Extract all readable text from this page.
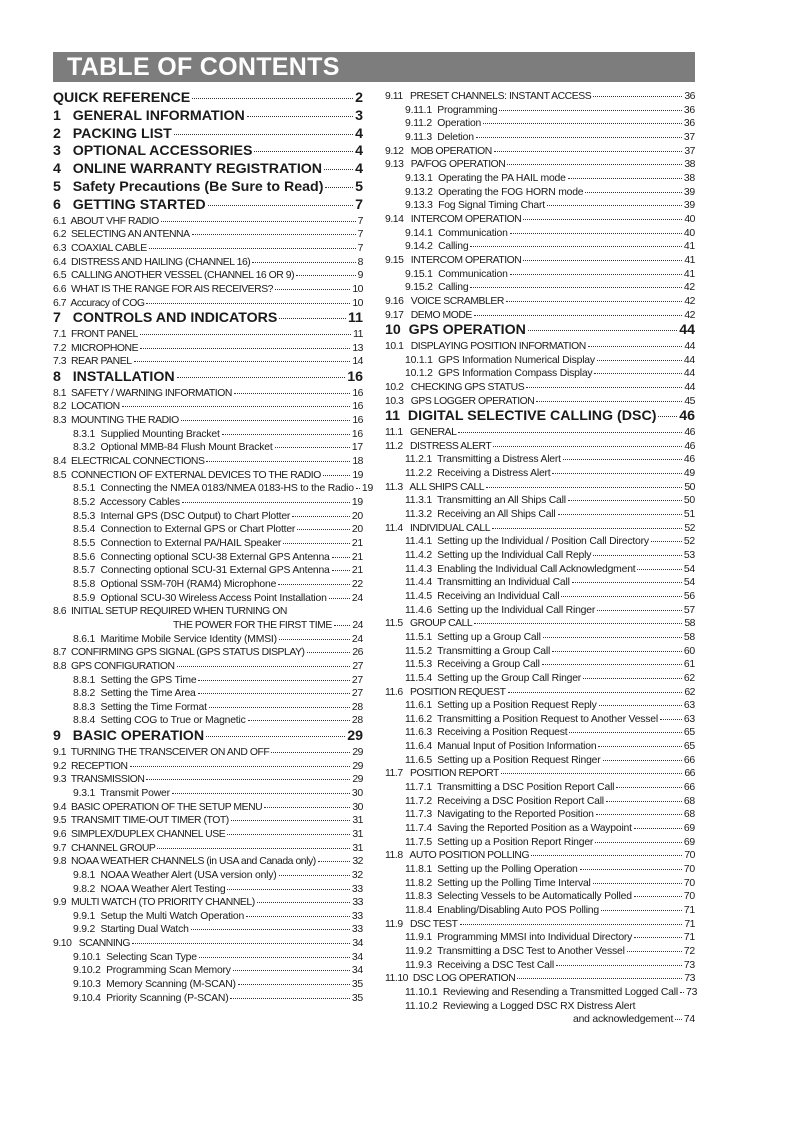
TABLE OF CONTENTS
QUICK REFERENCE	2
1   GENERAL INFORMATION	3
2   PACKING LIST	4
3   OPTIONAL ACCESSORIES	4
4   ONLINE WARRANTY REGISTRATION 4
5   Safety Precautions (Be Sure to Read) 5
6   GETTING STARTED	7
6.1  ABOUT VHF RADIO	7
6.2  SELECTING AN ANTENNA	7
6.3  COAXIAL CABLE	7
6.4  DISTRESS AND HAILING (CHANNEL 16)	8
6.5  CALLING ANOTHER VESSEL (CHANNEL 16 OR 9)	9
6.6  WHAT IS THE RANGE FOR AIS RECEIVERS?	10
6.7  Accuracy of COG	10
7   CONTROLS AND INDICATORS	11
7.1  FRONT PANEL	11
7.2  MICROPHONE	13
7.3  REAR PANEL	14
8   INSTALLATION	16
8.1  SAFETY / WARNING INFORMATION	16
8.2  LOCATION	16
8.3  MOUNTING THE RADIO	16
8.3.1  Supplied Mounting Bracket	16
8.3.2  Optional MMB-84 Flush Mount Bracket	17
8.4  ELECTRICAL CONNECTIONS	18
8.5  CONNECTION OF EXTERNAL DEVICES TO THE RADIO	19
8.5.1  Connecting the NMEA 0183/NMEA 0183-HS to the Radio 19
8.5.2  Accessory Cables	19
8.5.3  Internal GPS (DSC Output) to Chart Plotter	20
8.5.4  Connection to External GPS or Chart Plotter	20
8.5.5  Connection to External PA/HAIL Speaker	21
8.5.6  Connecting optional SCU-38 External GPS Antenna 21
8.5.7  Connecting optional SCU-31 External GPS Antenna 21
8.5.8  Optional SSM-70H (RAM4) Microphone	22
8.5.9  Optional SCU-30 Wireless Access Point Installation 24
8.6  INITIAL SETUP REQUIRED WHEN TURNING ON
THE POWER FOR THE FIRST TIME 24
8.6.1  Maritime Mobile Service Identity (MMSI)	24
8.7  CONFIRMING GPS SIGNAL (GPS STATUS DISPLAY)	26
8.8  GPS CONFIGURATION	27
8.8.1  Setting the GPS Time	27
8.8.2  Setting the Time Area	27
8.8.3  Setting the Time Format	28
8.8.4  Setting COG to True or Magnetic	28
9   BASIC OPERATION	29
9.1  TURNING THE TRANSCEIVER ON AND OFF	29
9.2  RECEPTION	29
9.3  TRANSMISSION	29
9.3.1  Transmit Power	30
9.4  BASIC OPERATION OF THE SETUP MENU	30
9.5  TRANSMIT TIME-OUT TIMER (TOT)	31
9.6  SIMPLEX/DUPLEX CHANNEL USE	31
9.7  CHANNEL GROUP	31
9.8  NOAA WEATHER CHANNELS (in USA and Canada only)	32
9.8.1  NOAA Weather Alert (USA version only)	32
9.8.2  NOAA Weather Alert Testing	33
9.9  MULTI WATCH (TO PRIORITY CHANNEL)	33
9.9.1  Setup the Multi Watch Operation	33
9.9.2  Starting Dual Watch	33
9.10   SCANNING	34
9.10.1  Selecting Scan Type	34
9.10.2  Programming Scan Memory	34
9.10.3  Memory Scanning (M-SCAN)	35
9.10.4  Priority Scanning (P-SCAN)	35
9.11   PRESET CHANNELS: INSTANT ACCESS	36
9.11.1  Programming	36
9.11.2  Operation	36
9.11.3  Deletion	37
9.12   MOB OPERATION	37
9.13   PA/FOG OPERATION	38
9.13.1  Operating the PA HAIL mode	38
9.13.2  Operating the FOG HORN mode	39
9.13.3  Fog Signal Timing Chart	39
9.14   INTERCOM OPERATION	40
9.14.1  Communication	40
9.14.2  Calling	41
9.15   INTERCOM OPERATION	41
9.15.1  Communication	41
9.15.2  Calling	42
9.16   VOICE SCRAMBLER	42
9.17   DEMO MODE	42
10  GPS OPERATION	44
10.1   DISPLAYING POSITION INFORMATION	44
10.1.1  GPS Information Numerical Display	44
10.1.2  GPS Information Compass Display	44
10.2   CHECKING GPS STATUS	44
10.3   GPS LOGGER OPERATION	45
11  DIGITAL SELECTIVE CALLING (DSC) 46
11.1   GENERAL	46
11.2   DISTRESS ALERT	46
11.2.1  Transmitting a Distress Alert	46
11.2.2  Receiving a Distress Alert	49
11.3   ALL SHIPS CALL	50
11.3.1  Transmitting an All Ships Call	50
11.3.2  Receiving an All Ships Call	51
11.4   INDIVIDUAL CALL	52
11.4.1  Setting up the Individual / Position Call Directory	52
11.4.2  Setting up the Individual Call Reply	53
11.4.3  Enabling the Individual Call Acknowledgment	54
11.4.4  Transmitting an Individual Call	54
11.4.5  Receiving an Individual Call	56
11.4.6  Setting up the Individual Call Ringer	57
11.5   GROUP CALL	58
11.5.1  Setting up a Group Call	58
11.5.2  Transmitting a Group Call	60
11.5.3  Receiving a Group Call	61
11.5.4  Setting up the Group Call Ringer	62
11.6   POSITION REQUEST	62
11.6.1  Setting up a Position Request Reply	63
11.6.2  Transmitting a Position Request to Another Vessel 63
11.6.3  Receiving a Position Request	65
11.6.4  Manual Input of Position Information	65
11.6.5  Setting up a Position Request Ringer	66
11.7   POSITION REPORT	66
11.7.1  Transmitting a DSC Position Report Call	66
11.7.2  Receiving a DSC Position Report Call	68
11.7.3  Navigating to the Reported Position	68
11.7.4  Saving the Reported Position as a Waypoint	69
11.7.5  Setting up a Position Report Ringer	69
11.8   AUTO POSITION POLLING	70
11.8.1  Setting up the Polling Operation	70
11.8.2  Setting up the Polling Time Interval	70
11.8.3  Selecting Vessels to be Automatically Polled	70
11.8.4  Enabling/Disabling Auto POS Polling	71
11.9   DSC TEST	71
11.9.1  Programming MMSI into Individual Directory	71
11.9.2  Transmitting a DSC Test to Another Vessel	72
11.9.3  Receiving a DSC Test Call	73
11.10  DSC LOG OPERATION	73
11.10.1  Reviewing and Resending a Transmitted Logged Call 73
11.10.2  Reviewing a Logged DSC RX Distress Alert
and acknowledgement 74
